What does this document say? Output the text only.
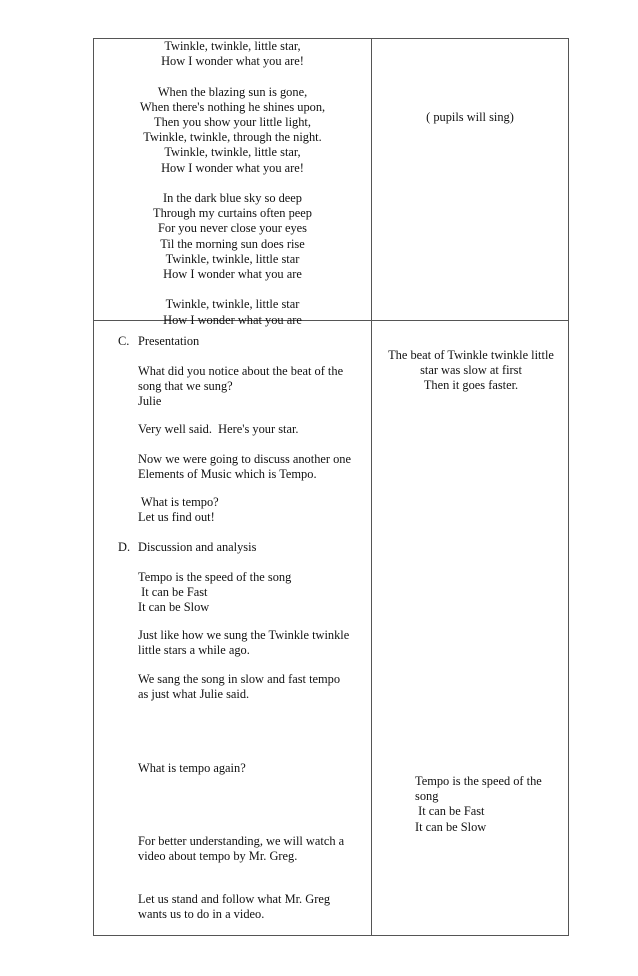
Twinkle, twinkle, little star,
How I wonder what you are!
When the blazing sun is gone,
When there's nothing he shines upon,
Then you show your little light,
Twinkle, twinkle, through the night.
Twinkle, twinkle, little star,
How I wonder what you are!
In the dark blue sky so deep
Through my curtains often peep
For you never close your eyes
Til the morning sun does rise
Twinkle, twinkle, little star
How I wonder what you are
Twinkle, twinkle, little star
How I wonder what you are
( pupils will sing)
C. Presentation
What did you notice about the beat of the
song that we sung?
Julie
Very well said.  Here's your star.
Now we were going to discuss another one
Elements of Music which is Tempo.
What is tempo?
Let us find out!
D. Discussion and analysis
Tempo is the speed of the song
It can be Fast
It can be Slow
Just like how we sung the Twinkle twinkle
little stars a while ago.
We sang the song in slow and fast tempo
as just what Julie said.
What is tempo again?
For better understanding, we will watch a
video about tempo by Mr. Greg.
Let us stand and follow what Mr. Greg
wants us to do in a video.
The beat of Twinkle twinkle little
star was slow at first
Then it goes faster.
Tempo is the speed of the
song
It can be Fast
It can be Slow
